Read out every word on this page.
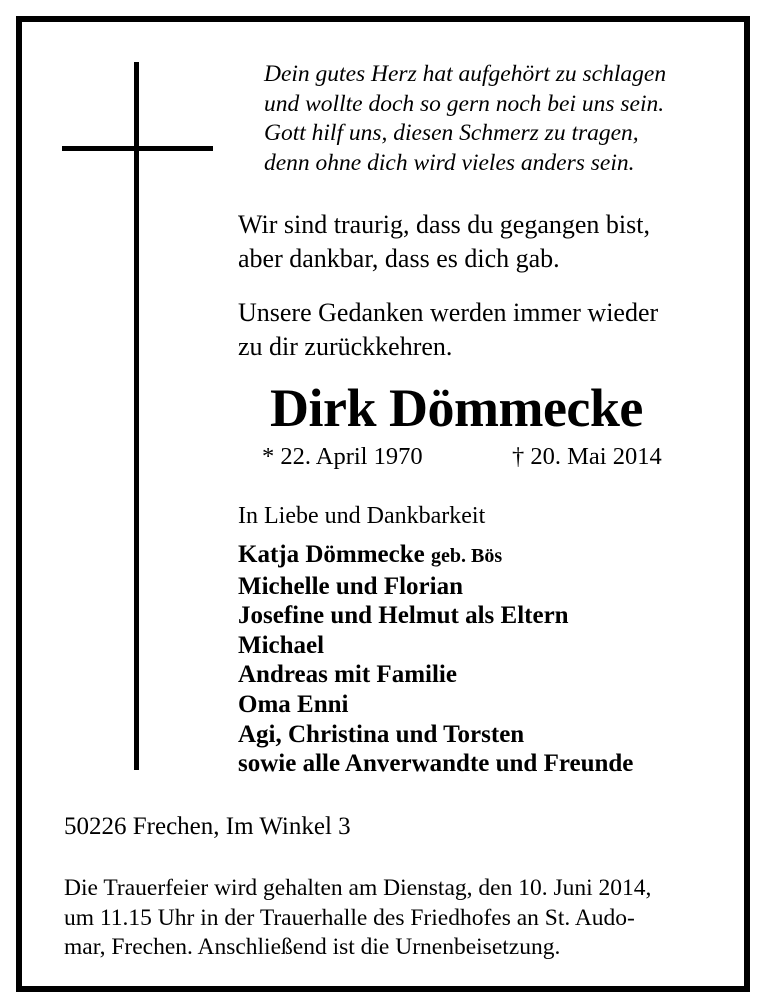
Dein gutes Herz hat aufgehört zu schlagen
und wollte doch so gern noch bei uns sein.
Gott hilf uns, diesen Schmerz zu tragen,
denn ohne dich wird vieles anders sein.
Wir sind traurig, dass du gegangen bist,
aber dankbar, dass es dich gab.
Unsere Gedanken werden immer wieder
zu dir zurückkehren.
Dirk Dömmecke
* 22. April 1970	† 20. Mai 2014
In Liebe und Dankbarkeit
Katja Dömmecke geb. Bös
Michelle und Florian
Josefine und Helmut als Eltern
Michael
Andreas mit Familie
Oma Enni
Agi, Christina und Torsten
sowie alle Anverwandte und Freunde
50226 Frechen, Im Winkel 3
Die Trauerfeier wird gehalten am Dienstag, den 10. Juni 2014,
um 11.15 Uhr in der Trauerhalle des Friedhofes an St. Audo-
mar, Frechen. Anschließend ist die Urnenbeisetzung.
